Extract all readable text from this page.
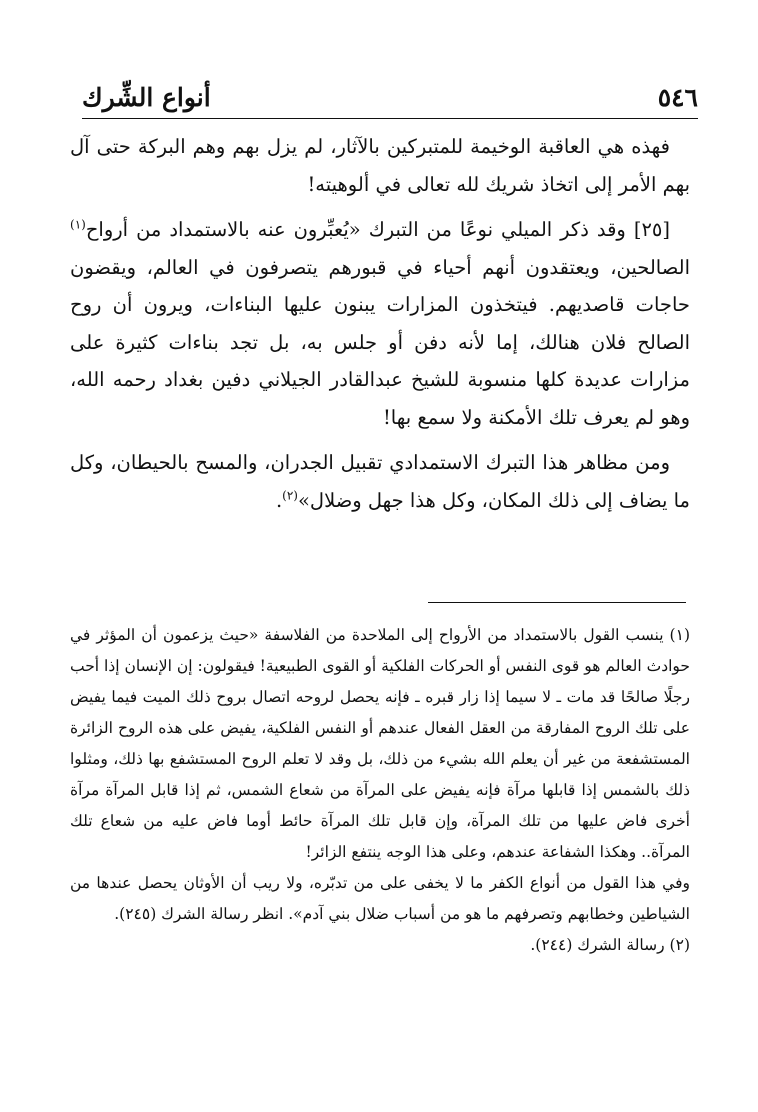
٥٤٦
أنواع الشِّرك

فهذه هي العاقبة الوخيمة للمتبركين بالآثار، لم يزل بهم وهم البركة حتى آل بهم الأمر إلى اتخاذ شريك لله تعالى في ألوهيته!

[٢٥] وقد ذكر الميلي نوعًا من التبرك «يُعبِّرون عنه بالاستمداد من أرواح$^{(١)}$ الصالحين، ويعتقدون أنهم أحياء في قبورهم يتصرفون في العالم، ويقضون حاجات قاصديهم. فيتخذون المزارات يبنون عليها البناءات، ويرون أن روح الصالح فلان هنالك، إما لأنه دفن أو جلس به، بل تجد بناءات كثيرة على مزارات عديدة كلها منسوبة للشيخ عبدالقادر الجيلاني دفين بغداد رحمه الله، وهو لم يعرف تلك الأمكنة ولا سمع بها!

ومن مظاهر هذا التبرك الاستمدادي تقبيل الجدران، والمسح بالحيطان، وكل ما يضاف إلى ذلك المكان، وكل هذا جهل وضلال»$^{(٢)}$.

(١) ينسب القول بالاستمداد من الأرواح إلى الملاحدة من الفلاسفة «حيث يزعمون أن المؤثر في حوادث العالم هو قوى النفس أو الحركات الفلكية أو القوى الطبيعية! فيقولون: إن الإنسان إذا أحب رجلًا صالحًا قد مات ـ لا سيما إذا زار قبره ـ فإنه يحصل لروحه اتصال بروح ذلك الميت فيما يفيض على تلك الروح المفارقة من العقل الفعال عندهم أو النفس الفلكية، يفيض على هذه الروح الزائرة المستشفعة من غير أن يعلم الله بشيء من ذلك، بل وقد لا تعلم الروح المستشفع بها ذلك، ومثلوا ذلك بالشمس إذا قابلها مرآة فإنه يفيض على المرآة من شعاع الشمس، ثم إذا قابل المرآة مرآة أخرى فاض عليها من تلك المرآة، وإن قابل تلك المرآة حائط أوما فاض عليه من شعاع تلك المرآة.. وهكذا الشفاعة عندهم، وعلى هذا الوجه ينتفع الزائر!

وفي هذا القول من أنواع الكفر ما لا يخفى على من تدبّره، ولا ريب أن الأوثان يحصل عندها من الشياطين وخطابهم وتصرفهم ما هو من أسباب ضلال بني آدم». انظر رسالة الشرك (٢٤٥).

(٢) رسالة الشرك (٢٤٤).
